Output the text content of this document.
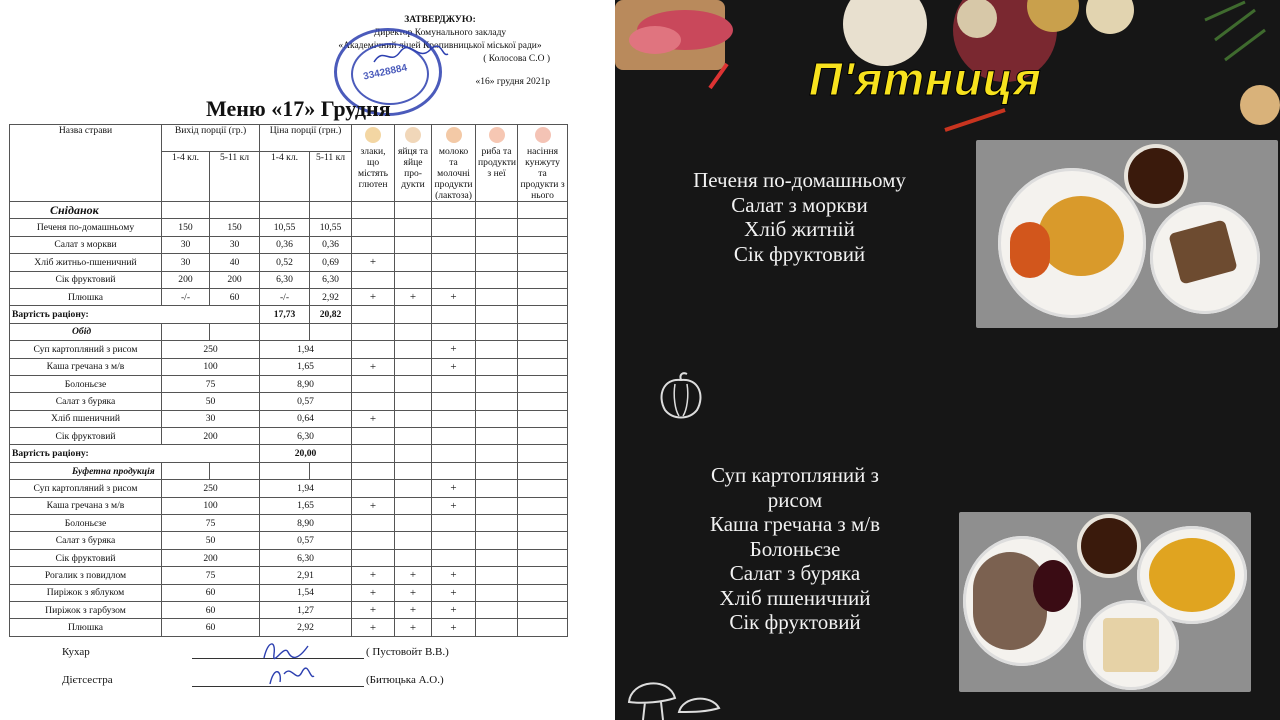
ЗАТВЕРДЖУЮ:
Директор Комунального закладу
«Академічний ліцей Кропивницької міської ради»
( Колосова С.О )
«16» грудня 2021р
33428884
Меню «17» Грудня
Назва страви	Вихід порції (гр.)		Ціна порції (грн.)		злаки, що містять глютен	яйця та яйце про-дукти	молоко та молочні продукти (лактоза)	риба та продукти з неї	насіння кунжуту та продукти з нього
	1-4 кл.	5-11 кл	1-4 кл.	5-11 кл					
Сніданок									
Печеня по-домашньому	150	150	10,55	10,55					
Салат з моркви	30	30	0,36	0,36					
Хліб житньо-пшеничний	30	40	0,52	0,69	+				
Сік фруктовий	200	200	6,30	6,30					
Плюшка	-/-	60	-/-	2,92	+	+	+		
Вартість раціону:			17,73	20,82					
Обід									
Суп картопляний з рисом	250		1,94				+		
Каша гречана з м/в	100		1,65		+		+		
Болоньєзе	75		8,90						
Салат з буряка	50		0,57						
Хліб пшеничний	30		0,64		+				
Сік фруктовий	200		6,30						
Вартість раціону:			20,00						
Буфетна продукція									
Суп картопляний з рисом	250		1,94				+		
Каша гречана з м/в	100		1,65		+		+		
Болоньєзе	75		8,90						
Салат з буряка	50		0,57						
Сік фруктовий	200		6,30						
Рогалик з повидлом	75		2,91		+	+	+		
Пиріжок з яблуком	60		1,54		+	+	+		
Пиріжок з гарбузом	60		1,27		+	+	+		
Плюшка	60		2,92		+	+	+		
Кухар	( Пустовойт В.В.)
Дієтсестра	(Битюцька А.О.)
П'ятниця
Печеня по-домашньому
Салат з моркви
Хліб житній
Сік фруктовий
Суп картопляний з
рисом
Каша гречана з м/в
Болоньєзе
Салат з буряка
Хліб пшеничний
Сік фруктовий
